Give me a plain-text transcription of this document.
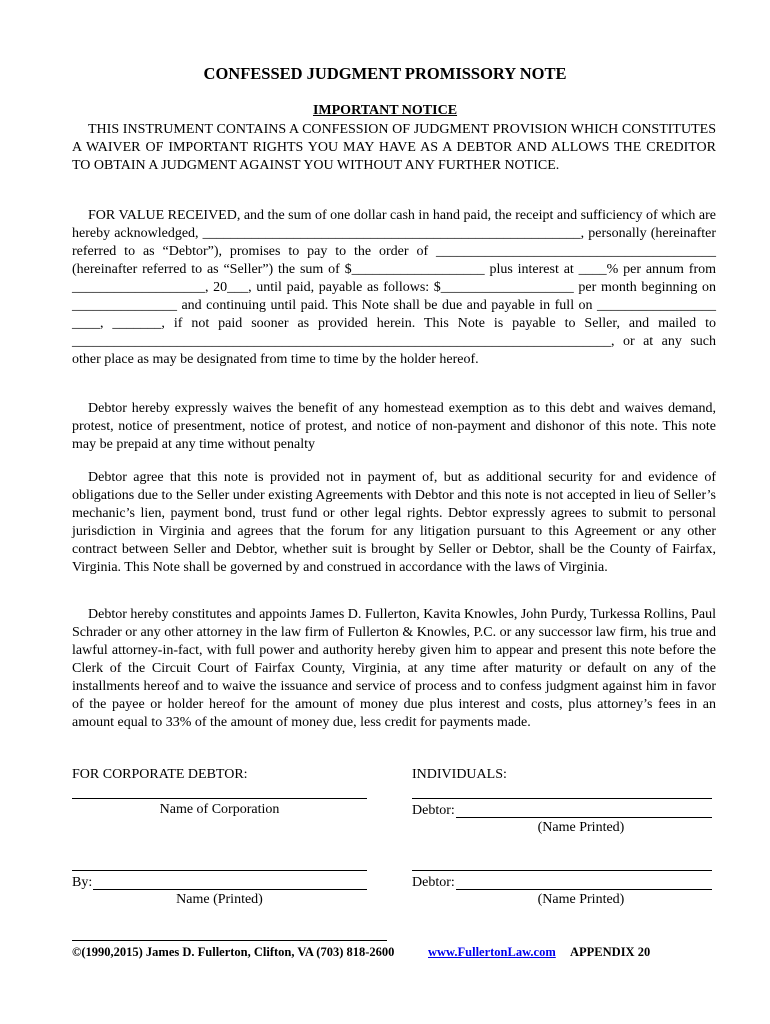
CONFESSED JUDGMENT PROMISSORY NOTE
IMPORTANT NOTICE

THIS INSTRUMENT CONTAINS A CONFESSION OF JUDGMENT PROVISION WHICH CONSTITUTES A WAIVER OF IMPORTANT RIGHTS YOU MAY HAVE AS A DEBTOR AND ALLOWS THE CREDITOR TO OBTAIN A JUDGMENT AGAINST YOU WITHOUT ANY FURTHER NOTICE.

FOR VALUE RECEIVED, and the sum of one dollar cash in hand paid, the receipt and sufficiency of which are hereby acknowledged, ______________________________________________________, personally (hereinafter referred to as “Debtor”), promises to pay to the order of ________________________________________ (hereinafter referred to as “Seller”) the sum of $___________________ plus interest at ____% per annum from ___________________, 20___, until paid, payable as follows: $___________________ per month beginning on _______________ and continuing until paid. This Note shall be due and payable in full on _________________ ____, _______, if not paid sooner as provided herein. This Note is payable to Seller, and mailed to _____________________________________________________________________________, or at any such other place as may be designated from time to time by the holder hereof.

Debtor hereby expressly waives the benefit of any homestead exemption as to this debt and waives demand, protest, notice of presentment, notice of protest, and notice of non-payment and dishonor of this note. This note may be prepaid at any time without penalty

Debtor agree that this note is provided not in payment of, but as additional security for and evidence of obligations due to the Seller under existing Agreements with Debtor and this note is not accepted in lieu of Seller’s mechanic’s lien, payment bond, trust fund or other legal rights. Debtor expressly agrees to submit to personal jurisdiction in Virginia and agrees that the forum for any litigation pursuant to this Agreement or any other contract between Seller and Debtor, whether suit is brought by Seller or Debtor, shall be the County of Fairfax, Virginia. This Note shall be governed by and construed in accordance with the laws of Virginia.

Debtor hereby constitutes and appoints James D. Fullerton, Kavita Knowles, John Purdy, Turkessa Rollins, Paul Schrader or any other attorney in the law firm of Fullerton & Knowles, P.C. or any successor law firm, his true and lawful attorney-in-fact, with full power and authority hereby given him to appear and present this note before the Clerk of the Circuit Court of Fairfax County, Virginia, at any time after maturity or default on any of the installments hereof and to waive the issuance and service of process and to confess judgment against him in favor of the payee or holder hereof for the amount of money due plus interest and costs, plus attorney’s fees in an amount equal to 33% of the amount of money due, less credit for payments made.

FOR CORPORATE DEBTOR:
Name of Corporation
By:
Name (Printed)
INDIVIDUALS:
Debtor:
(Name Printed)
Debtor:
(Name Printed)
©(1990,2015) James D. Fullerton, Clifton, VA (703) 818-2600	www.FullertonLaw.com APPENDIX 20
